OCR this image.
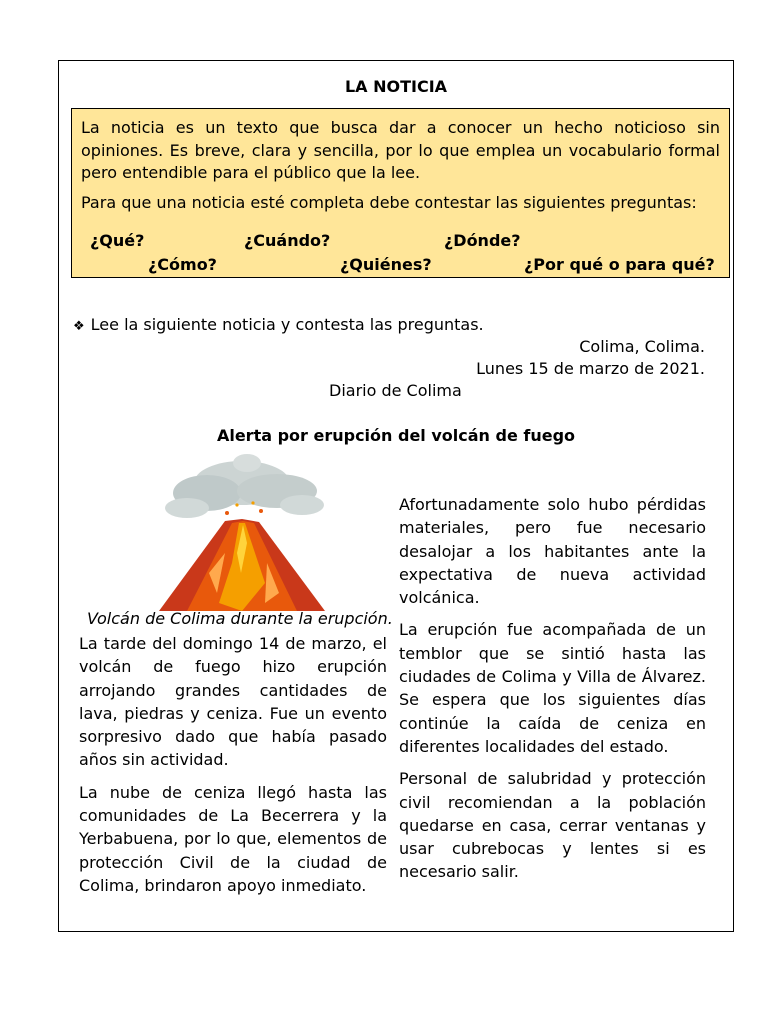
LA NOTICIA

La noticia es un texto que busca dar a conocer un hecho noticioso sin opiniones. Es breve, clara y sencilla, por lo que emplea un vocabulario formal pero entendible para el público que la lee.

Para que una noticia esté completa debe contestar las siguientes preguntas:

¿Qué?	¿Cuándo?	¿Dónde?
¿Cómo?	¿Quiénes?	¿Por qué o para qué?
❖ Lee la siguiente noticia y contesta las preguntas.
Colima, Colima.
Lunes 15 de marzo de 2021.
Diario de Colima
Alerta por erupción del volcán de fuego
Volcán de Colima durante la erupción.

La tarde del domingo 14 de marzo, el volcán de fuego hizo erupción arrojando grandes cantidades de lava, piedras y ceniza. Fue un evento sorpresivo dado que había pasado años sin actividad.

La nube de ceniza llegó hasta las comunidades de La Becerrera y la Yerbabuena, por lo que, elementos de protección Civil de la ciudad de Colima, brindaron apoyo inmediato.

Afortunadamente solo hubo pérdidas materiales, pero fue necesario desalojar a los habitantes ante la expectativa de nueva actividad volcánica.

La erupción fue acompañada de un temblor que se sintió hasta las ciudades de Colima y Villa de Álvarez. Se espera que los siguientes días continúe la caída de ceniza en diferentes localidades del estado.

Personal de salubridad y protección civil recomiendan a la población quedarse en casa, cerrar ventanas y usar cubrebocas y lentes si es necesario salir.
